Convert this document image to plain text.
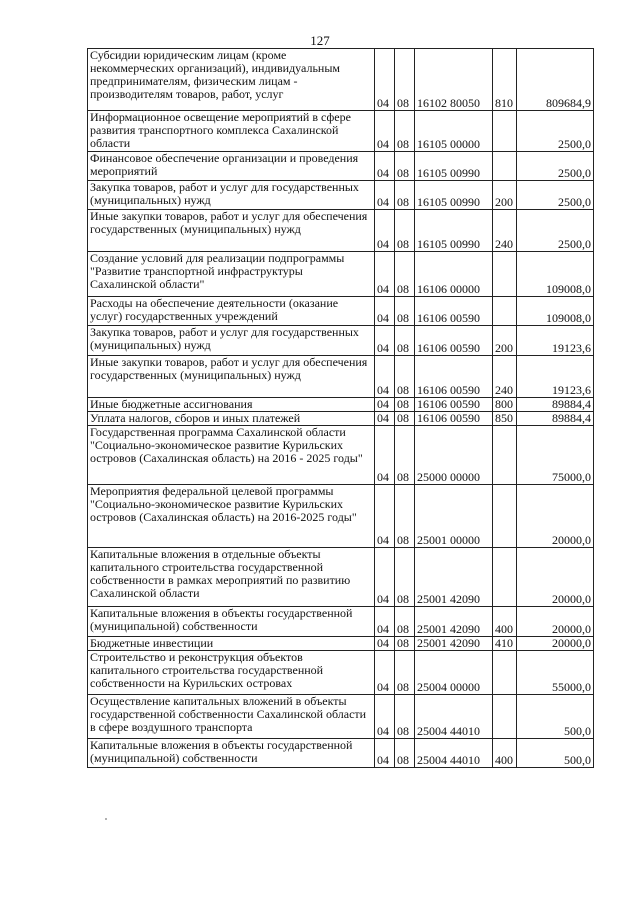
127
Субсидии юридическим лицам (кроме некоммерческих организаций), индивидуальным предпринимателям, физическим лицам - производителям товаров, работ, услуг	04	08	16102 80050	810	809684,9
Информационное освещение мероприятий в сфере развития транспортного комплекса Сахалинской области	04	08	16105 00000		2500,0
Финансовое обеспечение организации и проведения мероприятий	04	08	16105 00990		2500,0
Закупка товаров, работ и услуг для государственных (муниципальных) нужд	04	08	16105 00990	200	2500,0
Иные закупки товаров, работ и услуг для обеспечения государственных (муниципальных) нужд	04	08	16105 00990	240	2500,0
Создание условий для реализации подпрограммы "Развитие транспортной инфраструктуры Сахалинской области"	04	08	16106 00000		109008,0
Расходы на обеспечение деятельности (оказание услуг) государственных учреждений	04	08	16106 00590		109008,0
Закупка товаров, работ и услуг для государственных (муниципальных) нужд	04	08	16106 00590	200	19123,6
Иные закупки товаров, работ и услуг для обеспечения государственных (муниципальных) нужд	04	08	16106 00590	240	19123,6
Иные бюджетные ассигнования	04	08	16106 00590	800	89884,4
Уплата налогов, сборов и иных платежей	04	08	16106 00590	850	89884,4
Государственная программа Сахалинской области "Социально-экономическое развитие Курильских островов (Сахалинская область) на 2016 - 2025 годы"	04	08	25000 00000		75000,0
Мероприятия федеральной целевой программы "Социально-экономическое развитие Курильских островов (Сахалинская область) на 2016-2025 годы"	04	08	25001 00000		20000,0
Капитальные вложения в отдельные объекты капитального строительства государственной собственности в рамках мероприятий по развитию Сахалинской области	04	08	25001 42090		20000,0
Капитальные вложения в объекты государственной (муниципальной) собственности	04	08	25001 42090	400	20000,0
Бюджетные инвестиции	04	08	25001 42090	410	20000,0
Строительство и реконструкция объектов капитального строительства государственной собственности на Курильских островах	04	08	25004 00000		55000,0
Осуществление капитальных вложений в объекты государственной собственности Сахалинской области в сфере воздушного транспорта	04	08	25004 44010		500,0
Капитальные вложения в объекты государственной (муниципальной) собственности	04	08	25004 44010	400	500,0
